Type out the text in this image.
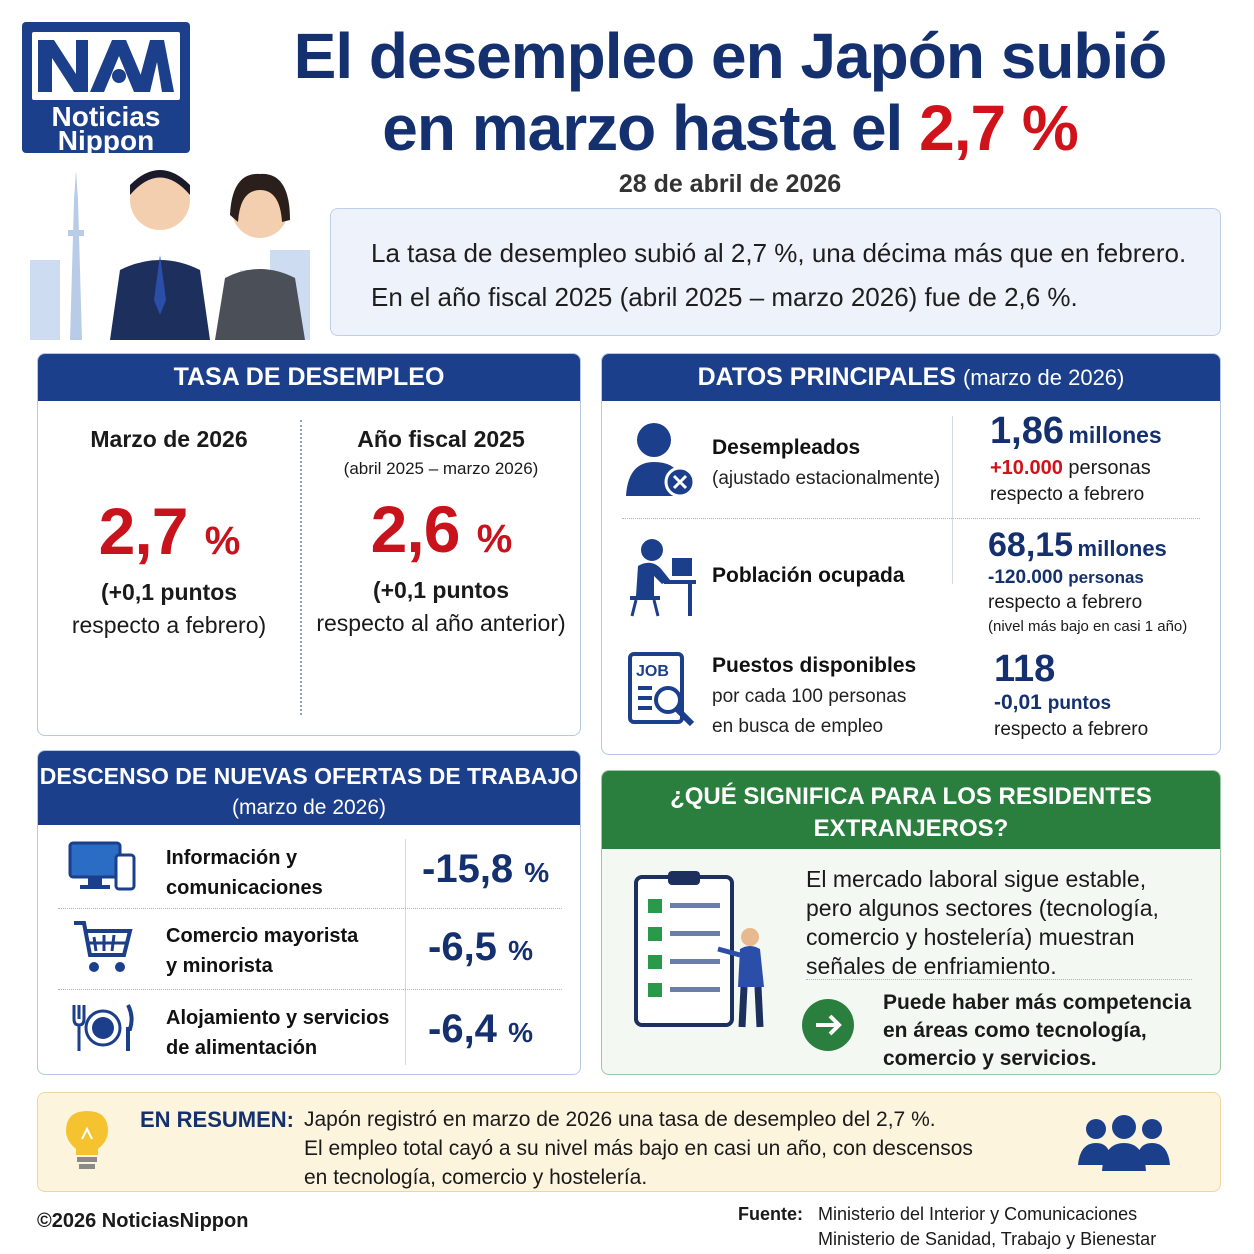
Noticias
Nippon
El desempleo en Japón subió
en marzo hasta el 2,7 %
28 de abril de 2026
La tasa de desempleo subió al 2,7 %, una décima más que en febrero.
En el año fiscal 2025 (abril 2025 – marzo 2026) fue de 2,6 %.
TASA DE DESEMPLEO
Marzo de 2026
2,7 %
(+0,1 puntos
respecto a febrero)
Año fiscal 2025
(abril 2025 – marzo 2026)
2,6 %
(+0,1 puntos
respecto al año anterior)
DATOS PRINCIPALES (marzo de 2026)
Desempleados
(ajustado estacionalmente)
1,86 millones
+10.000 personas
respecto a febrero
Población ocupada
68,15 millones
-120.000 personas
respecto a febrero
(nivel más bajo en casi 1 año)
JOB Puestos disponibles
por cada 100 personas
en busca de empleo
118
-0,01 puntos
respecto a febrero
DESCENSO DE NUEVAS OFERTAS DE TRABAJO
(marzo de 2026)
Información y
comunicaciones -15,8 %
Comercio mayorista
y minorista	-6,5 %
Alojamiento y servicios
de alimentación	-6,4 %
¿QUÉ SIGNIFICA PARA LOS RESIDENTES
EXTRANJEROS?
El mercado laboral sigue estable,
pero algunos sectores (tecnología,
comercio y hostelería) muestran
señales de enfriamiento.
Puede haber más competencia
en áreas como tecnología,
comercio y servicios.
EN RESUMEN: Japón registró en marzo de 2026 una tasa de desempleo del 2,7 %.
El empleo total cayó a su nivel más bajo en casi un año, con descensos
en tecnología, comercio y hostelería.
©2026 NoticiasNippon	Fuente: Ministerio del Interior y Comunicaciones
Ministerio de Sanidad, Trabajo y Bienestar
